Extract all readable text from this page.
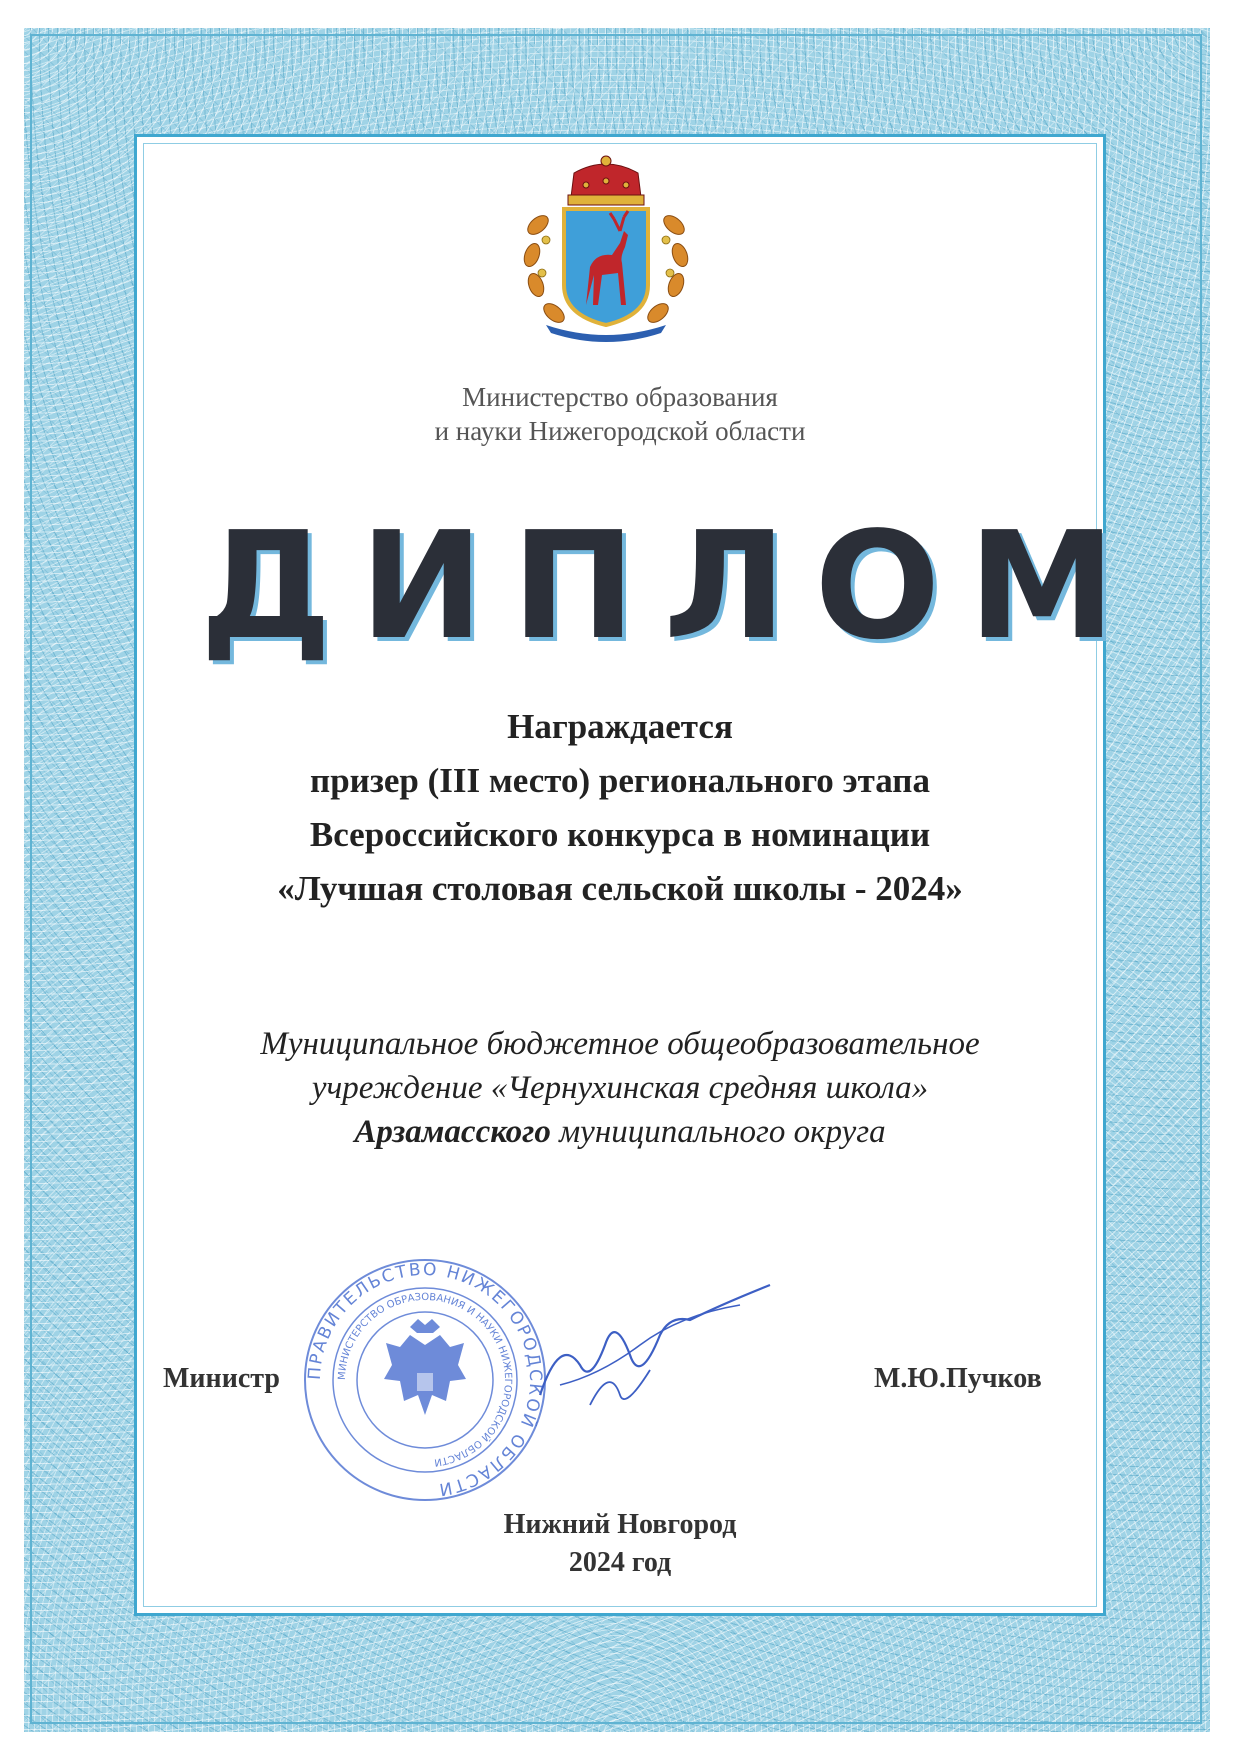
Министерство образования
и науки Нижегородской области
ДИПЛОМ
Награждается
призер (III место) регионального этапа
Всероссийского конкурса в номинации
«Лучшая столовая сельской школы - 2024»
Муниципальное бюджетное общеобразовательное
учреждение «Чернухинская средняя школа»
Арзамасского муниципального округа
ПРАВИТЕЛЬСТВО НИЖЕГОРОДСКОЙ ОБЛАСТИ
МИНИСТЕРСТВО ОБРАЗОВАНИЯ И НАУКИ НИЖЕГОРОДСКОЙ ОБЛАСТИ
Министр	М.Ю.Пучков
Нижний Новгород
2024 год
